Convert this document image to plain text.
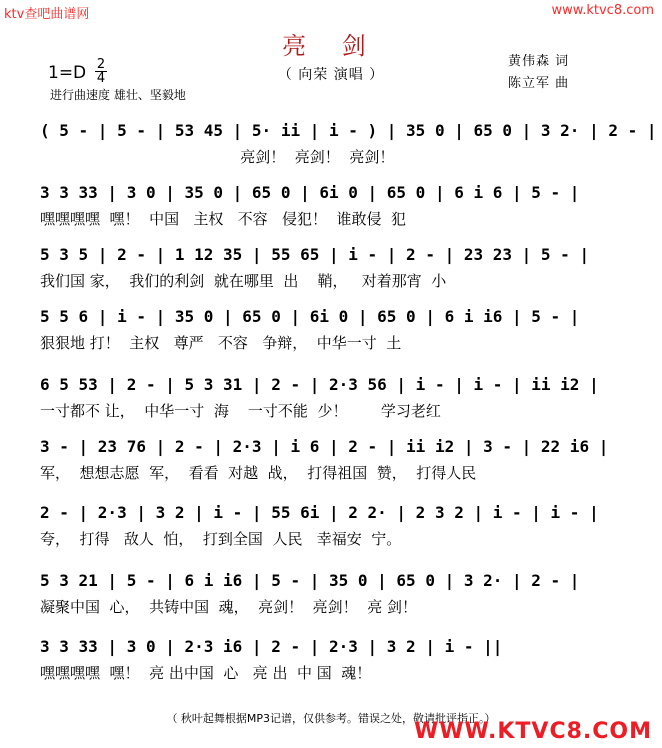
ktv查吧曲谱网	www.ktvc8.com
亮 剑
（ 向荣 演唱 ）
$1=D \frac{2}{4}$
进行曲速度 雄壮、坚毅地
黄伟森 词
陈立军 曲
( 5 - | 5 - | 53 45 | 5· ii | i - ) | 35 0 | 65 0 | 3 2· | 2 - |
亮剑！  亮剑！  亮剑！
3 3 33 | 3 0 | 35 0 | 65 0 | 6i 0 | 65 0 | 6 i 6 | 5 - |
嘿嘿嘿嘿  嘿！  中国   主权   不容   侵犯！  谁敢侵  犯
5 3 5 | 2 - | 1 12 35 | 55 65 | i - | 2 - | 23 23 | 5 - |
我们国 家，  我们的利剑  就在哪里  出    鞘，   对着那宵  小
5 5 6 | i - | 35 0 | 65 0 | 6i 0 | 65 0 | 6 i i6 | 5 - |
狠狠地 打！  主权   尊严   不容   争辩，  中华一寸  土
6 5 53 | 2 - | 5 3 31 | 2 - | 2·3 56 | i - | i - | ii i2 |
一寸都不 让，  中华一寸  海    一寸不能  少！       学习老红
3 - | 23 76 | 2 - | 2·3 | i 6 | 2 - | ii i2 | 3 - | 22 i6 |
军，  想想志愿  军，  看看  对越  战，  打得祖国  赞，  打得人民
2 - | 2·3 | 3 2 | i - | 55 6i | 2 2· | 2 3 2 | i - | i - |
夸，  打得   敌人  怕，  打到全国  人民   幸福安  宁。
5 3 21 | 5 - | 6 i i6 | 5 - | 35 0 | 65 0 | 3 2· | 2 - |
凝聚中国  心，  共铸中国  魂，  亮剑！  亮剑！  亮 剑！
3 3 33 | 3 0 | 2·3 i6 | 2 - | 2·3 | 3 2 | i - ||
嘿嘿嘿嘿  嘿！  亮 出中国  心   亮 出  中 国  魂！
（ 秋叶起舞根据MP3记谱，仅供参考。错误之处，敬请批评指正。）
WWW.KTVC8.COM
